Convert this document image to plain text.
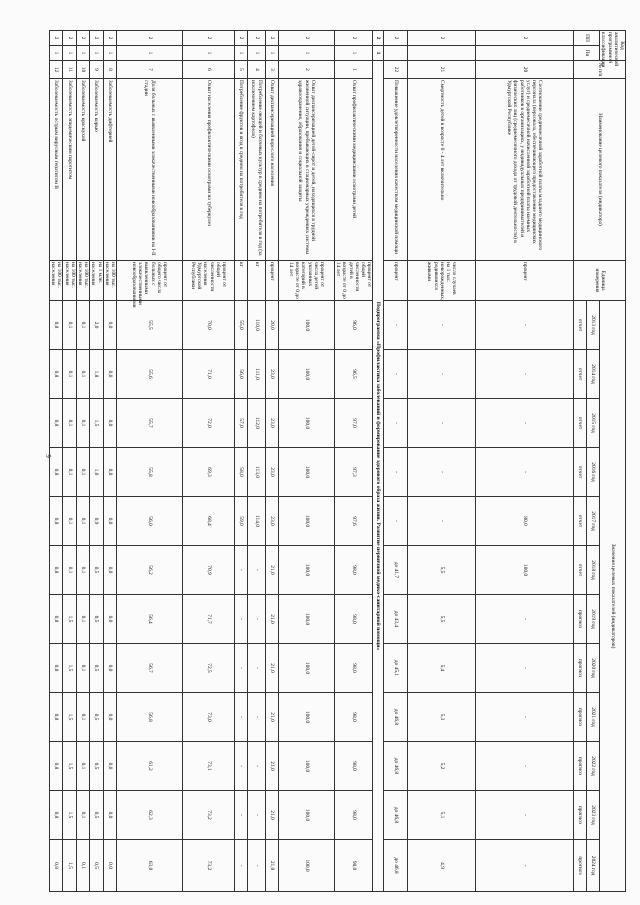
9
Код аналитической программной классификации		№ п/п	Наименование целевого показателя (индикатора)	Единица измерения	Значения целевых показателей (индикаторов)											
ПП	Пп				2013 год	2014 год	2015 год	2016 год	2017 год	2018 год	2019 год	2020 год	2021 год	2022 год	2023 год	2024 год
					отчет	отчет	отчет	отчет	отчет	отчет	прогноз	прогноз	прогноз	прогноз	прогноз	прогноз
2		20	Соотношение среднемесячной заработной платы младшего медицинского персонала (персонала, обеспечивающего предоставление медицинских услуг) и среднемесячной начисленной заработной платы наемных работников в организациях, у индивидуальных предпринимателей и физических лиц (среднемесячного дохода от трудовой деятельности) в Удмуртской Республике	процент	-	-	-	-	80,0	100,0	-	-	-	-	-	-
2		21	Смертность детей в возрасте 0 - 4 лет включительно	число случаев на 1 тыс. новорожденных, родившихся живыми	-	-	-	-	-	5,5	5,5	5,4	5,3	5,2	5,1	4,9
2		22	Повышение удовлетворенности населения качеством медицинской помощи	процент	-	-	-	-	-	до 41,7	до 43,4	до 45,1	до 46,8	до 46,8	до 46,8	до 46,8
2	1	Подпрограмма «Профилактика заболеваний и формирование здорового образа жизни. Развитие первичной медико-санитарной помощи»														
2	1	1	Охват профилактическими медицинскими осмотрами детей	процент от общей численности детей в возрасте от 0 до 14 лет	96,0	96,5	97,0	97,3	97,6	98,0	98,0	98,0	98,0	98,0	98,0	98,0
2	1	2	Охват диспансеризацией детей-сирот и детей, находящихся в трудной жизненной ситуации, пребывающих в стационарных учреждениях системы здравоохранения, образования и социальной защиты	процент от числа детей указанных категорий в возрасте от 0 до 14 лет	100,0	100,0	100,0	100,0	100,0	100,0	100,0	100,0	100,0	100,0	100,0	100,0
2	1	3	Охват диспансеризацией взрослого населения	процент	20,0	23,0	23,0	23,0	23,0	21,0	21,0	21,0	21,0	21,0	21,0	21,0
2	1	4	Потребление овощей и бахчевых культур в среднем на потребителя в год (за исключением картофеля)	кг	110,0	111,0	112,0	113,0	114,0	-	-	-	-	-	-	-
2	1	5	Потребление фруктов и ягод в среднем на потребителя в год	кг	55,0	56,0	57,0	58,0	59,0	-	-	-	-	-	-	-
2	1	6	Охват населения профилактическими осмотрами на туберкулез	процент от общей численности населения Удмуртской Республики	70,0	71,0	72,0	69,3	68,4	70,9	71,7	72,5	73,0	73,1	73,2	73,2
2	1	7	Доля больных с выявленными злокачественными новообразованиями на I-II стадии	процент от общего числа больных с выявленными злокачественными новообразованиями	55,5	55,6	55,7	55,8	56,0	56,2	56,4	56,7	56,8	61,2	62,3	63,0
2	1	8	Заболеваемость дифтерией	на 100 тыс. населения	0,0	0,0	0,0	0,0	0,0	0,0	0,0	0,0	0,0	0,0	0,0	0,0
2	1	9	Заболеваемость корью	на 1 млн. населения	2,0	1,8	1,5	1,0	0,9	0,5	0,5	0,5	0,5	0,5	0,5	0,5
2	1	10	Заболеваемость краснухой	на 100 тыс. населения	0,1	0,1	0,1	0,1	0,1	0,1	0,1	0,1	0,1	0,1	0,1	0,1
2	1	11	Заболеваемость эпидемическим паротитом	на 100 тыс. населения	0,1	0,1	0,1	0,1	0,1	0,1	1,5	1,5	1,5	1,5	1,5	1,5
2	1	12	Заболеваемость острым вирусным гепатитом В	на 100 тыс. населения	0,8	0,8	0,8	0,8	0,8	0,8	0,8	0,8	0,8	0,8	0,8	0,8
